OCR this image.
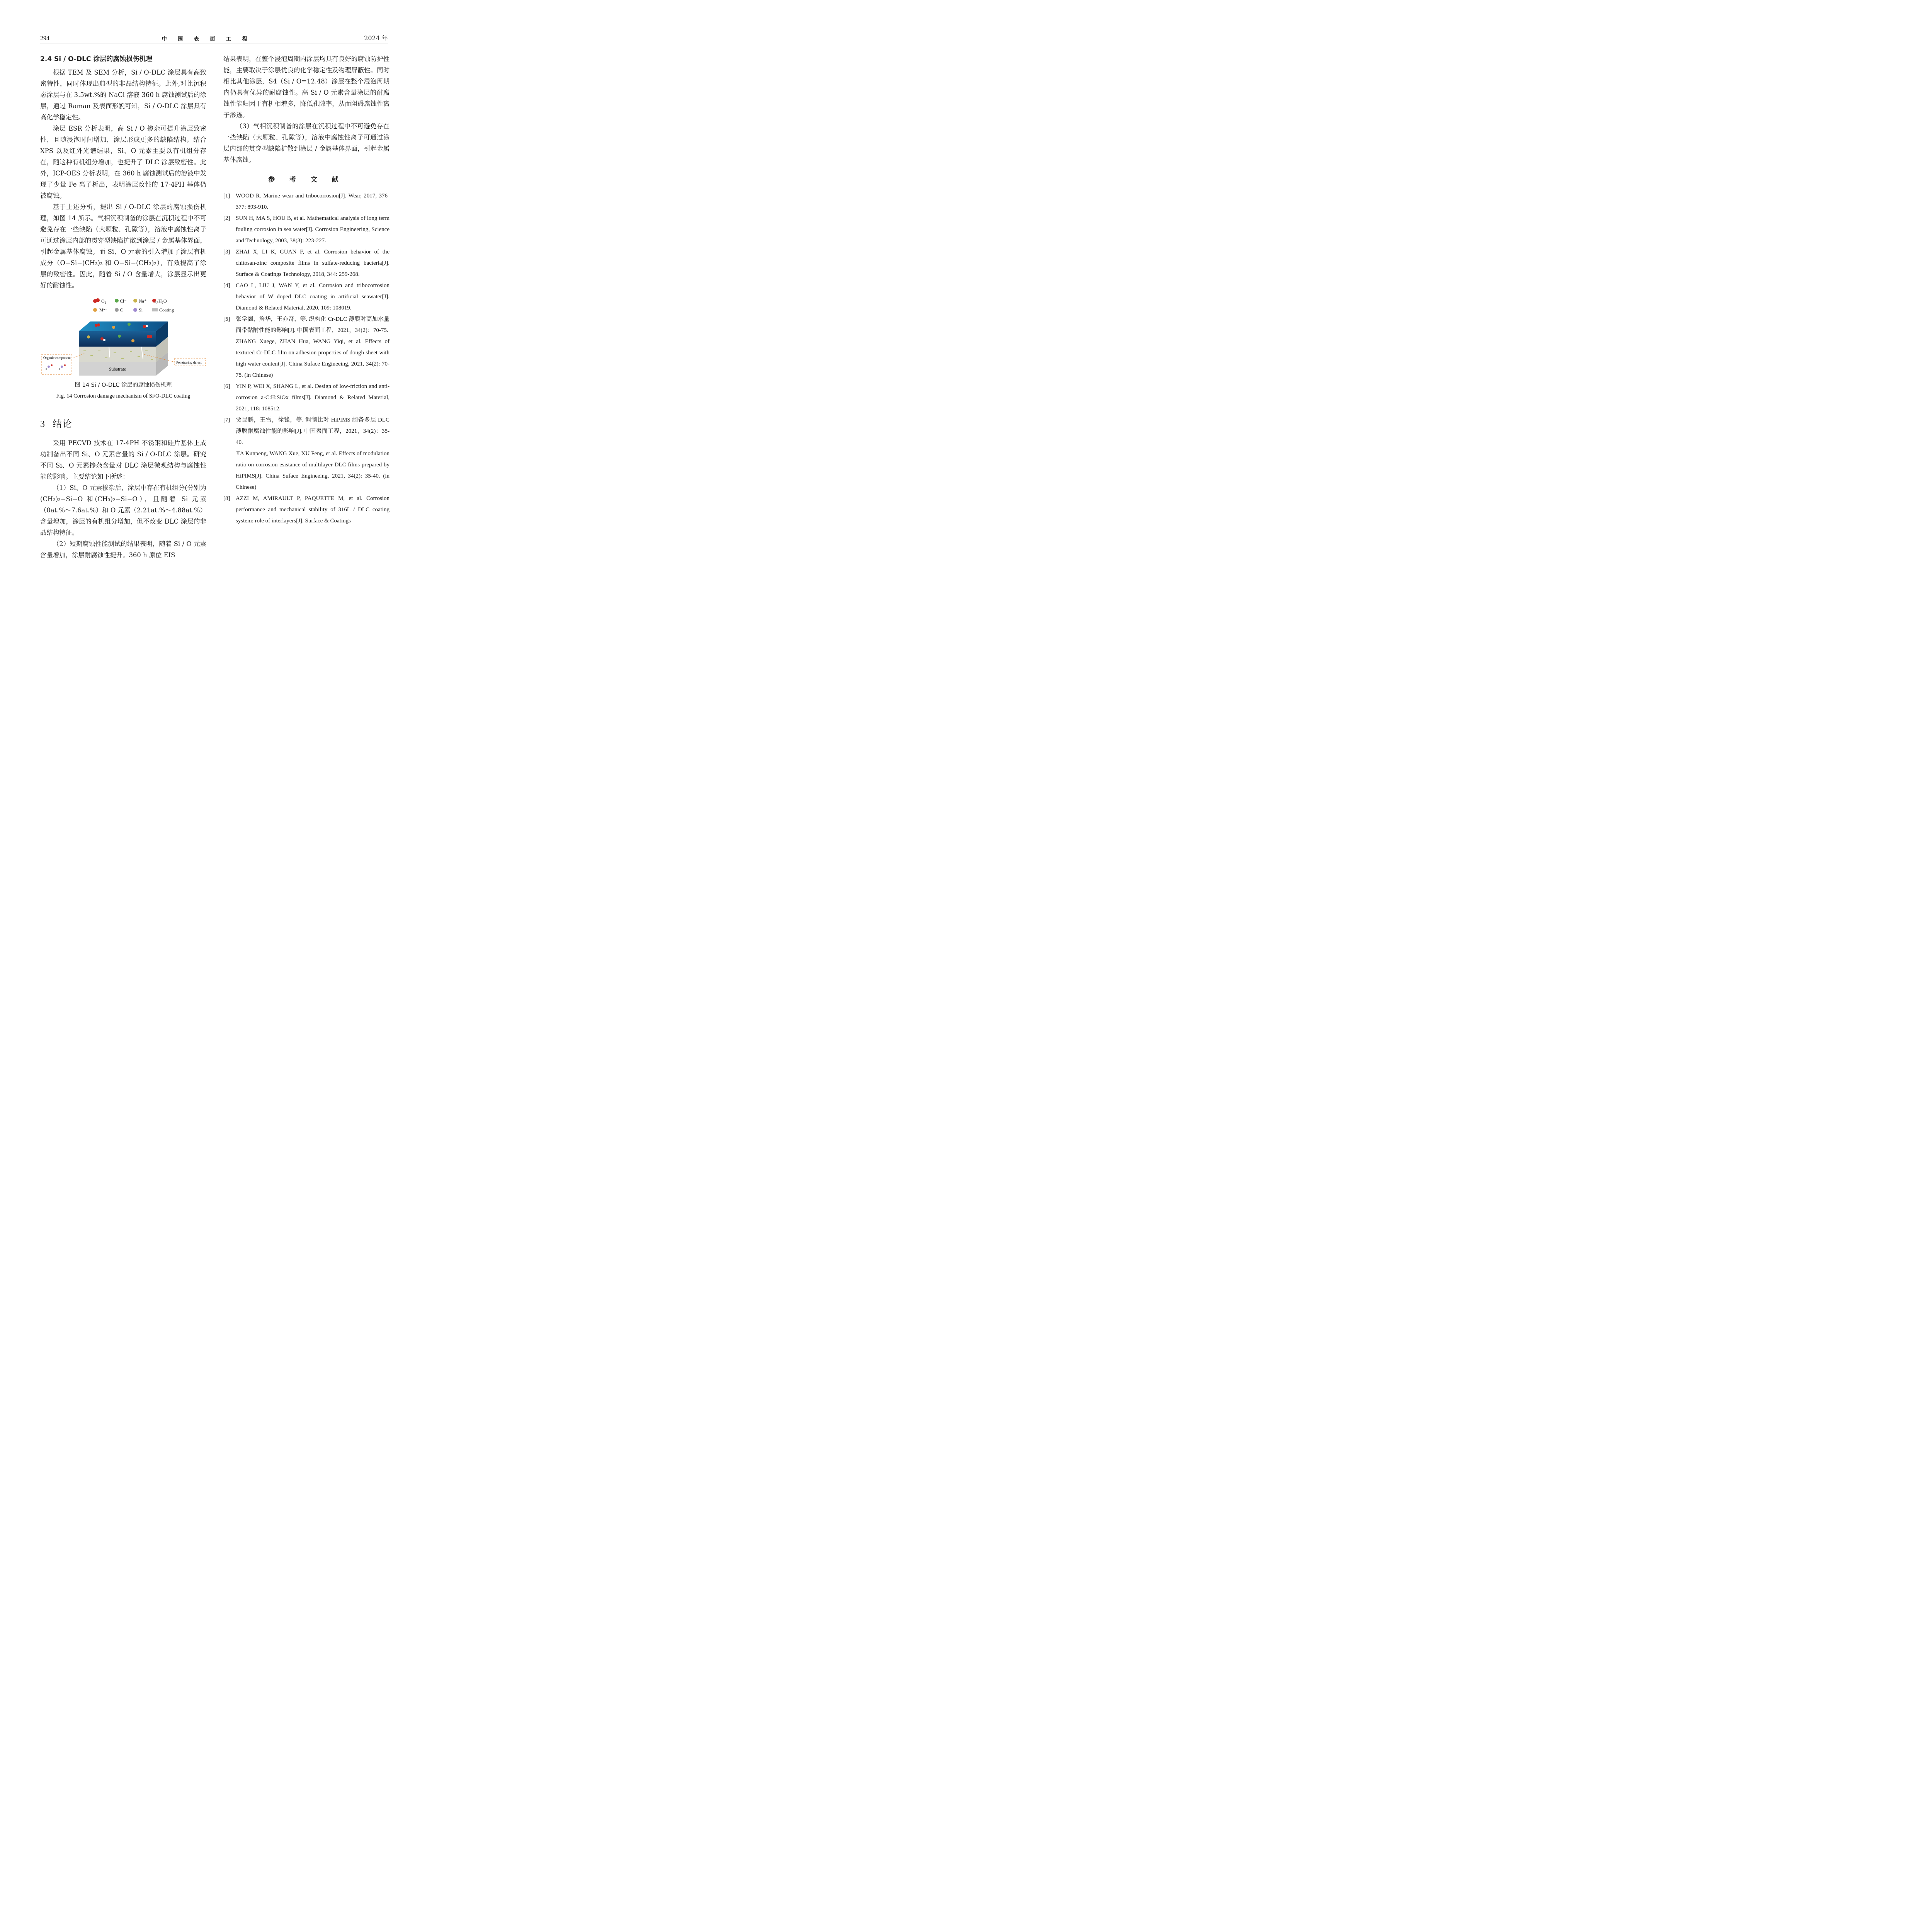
294	中 国 表 面 工 程	2024 年
2.4 Si / O-DLC 涂层的腐蚀损伤机理

根据 TEM 及 SEM 分析，Si / O-DLC 涂层具有高致密特性，同时体现出典型的非晶结构特征。此外,对比沉积态涂层与在 3.5wt.%的 NaCl 溶液 360 h 腐蚀测试后的涂层，通过 Raman 及表面形貌可知，Si / O-DLC 涂层具有高化学稳定性。

涂层 ESR 分析表明，高 Si / O 掺杂可提升涂层致密性，且随浸泡时间增加，涂层形成更多的缺陷结构。结合 XPS 以及红外光谱结果，Si、O 元素主要以有机组分存在，随这种有机组分增加，也提升了 DLC 涂层致密性。此外，ICP-OES 分析表明，在 360 h 腐蚀测试后的溶液中发现了少量 Fe 离子析出，表明涂层改性的 17-4PH 基体仍被腐蚀。

基于上述分析，提出 Si / O-DLC 涂层的腐蚀损伤机理，如图 14 所示。气相沉积制备的涂层在沉积过程中不可避免存在一些缺陷（大颗粒、孔隙等），溶液中腐蚀性离子可通过涂层内部的贯穿型缺陷扩散到涂层 / 金属基体界面，引起金属基体腐蚀。而 Si、O 元素的引入增加了涂层有机成分（O−Si−(CH₃)₃ 和 O−Si−(CH₃)₂），有效提高了涂层的致密性。因此，随着 Si / O 含量增大，涂层显示出更好的耐蚀性。

O₂	Cl⁻	Na⁺	H₂O
Mⁿ⁺	C	Si	Coating
Substrate
Organic component
Penetraring defect
图 14 Si / O-DLC 涂层的腐蚀损伤机理
Fig. 14 Corrosion damage mechanism of Si/O-DLC coating
3 结论

采用 PECVD 技术在 17-4PH 不锈钢和硅片基体上成功制备出不同 Si、O 元素含量的 Si / O-DLC 涂层。研究不同 Si、O 元素掺杂含量对 DLC 涂层微观结构与腐蚀性能的影响。主要结论如下所述：

（1）Si、O 元素掺杂后，涂层中存在有机组分(分别为(CH₃)₃−Si−O 和(CH₃)₂−Si−O），且随着 Si 元素（0at.%～7.6at.%）和 O 元素（2.21at.%～4.88at.%）含量增加，涂层的有机组分增加，但不改变 DLC 涂层的非晶结构特征。

（2）短期腐蚀性能测试的结果表明，随着 Si / O 元素含量增加，涂层耐腐蚀性提升。360 h 原位 EIS

结果表明，在整个浸泡周期内涂层均具有良好的腐蚀防护性能，主要取决于涂层优良的化学稳定性及物理屏蔽性。同时相比其他涂层，S4（Si / O=12.48）涂层在整个浸泡周期内仍具有优异的耐腐蚀性。高 Si / O 元素含量涂层的耐腐蚀性能归因于有机相增多，降低孔隙率，从而阻碍腐蚀性离子渗透。

（3）气相沉积制备的涂层在沉积过程中不可避免存在一些缺陷（大颗粒、孔隙等），溶液中腐蚀性离子可通过涂层内部的贯穿型缺陷扩散到涂层 / 金属基体界面，引起金属基体腐蚀。

参 考 文 献
[1] WOOD R. Marine wear and tribocorrosion[J]. Wear, 2017, 376-377: 893-910.
[2] SUN H, MA S, HOU B, et al. Mathematical analysis of long term fouling corrosion in sea water[J]. Corrosion Engineering, Science and Technology, 2003, 38(3): 223-227.
[3] ZHAI X, LI K, GUAN F, et al. Corrosion behavior of the chitosan-zinc composite films in sulfate-reducing bacteria[J]. Surface & Coatings Technology, 2018, 344: 259-268.
[4] CAO L, LIU J, WAN Y, et al. Corrosion and tribocorrosion behavior of W doped DLC coating in artificial seawater[J]. Diamond & Related Material, 2020, 109: 108019.
[5] 张学阁，詹华，王亦奇，等. 织构化 Cr-DLC 薄膜对高加水量面带黏附性能的影响[J]. 中国表面工程，2021，34(2)：70-75.
ZHANG Xuege, ZHAN Hua, WANG Yiqi, et al. Effects of textured Cr-DLC film on adhesion properties of dough sheet with high water content[J]. China Suface Engineeing, 2021, 34(2): 70-75. (in Chinese)
[6] YIN P, WEI X, SHANG L, et al. Design of low-friction and anti-corrosion a-C:H:SiOx films[J]. Diamond & Related Material, 2021, 118: 108512.
[7] 贾昆鹏，王雪，徐锋，等. 调制比对 HiPIMS 制备多层 DLC 薄膜耐腐蚀性能的影响[J]. 中国表面工程，2021，34(2)：35-40.
JIA Kunpeng, WANG Xue, XU Feng, et al. Effects of modulation ratio on corrosion esistance of multilayer DLC films prepared by HiPIMS[J]. China Suface Engineeing, 2021, 34(2): 35-40. (in Chinese)
[8] AZZI M, AMIRAULT P, PAQUETTE M, et al. Corrosion performance and mechanical stability of 316L / DLC coating system: role of interlayers[J]. Surface & Coatings
